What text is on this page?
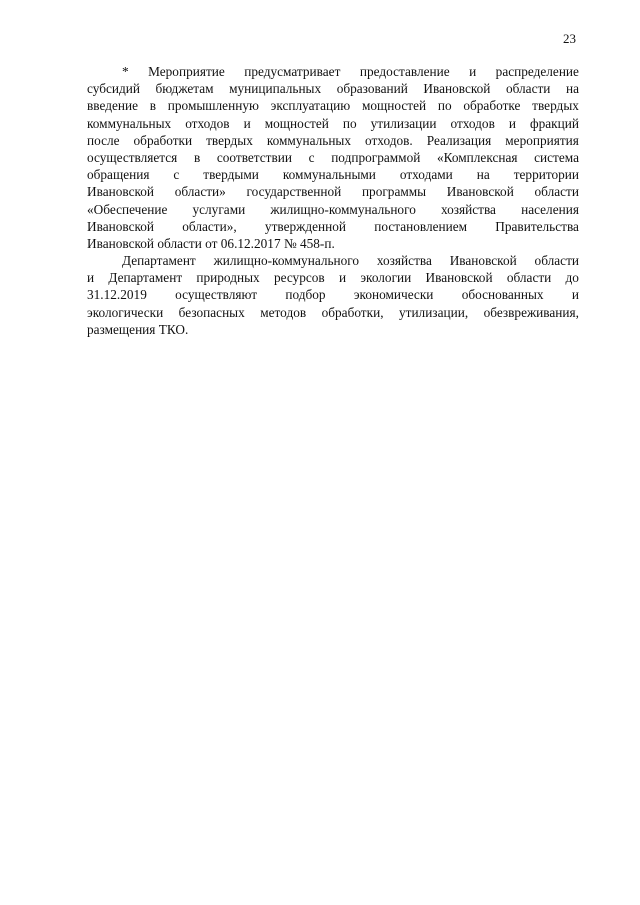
23
* Мероприятие предусматривает предоставление и распределение
субсидий бюджетам муниципальных образований Ивановской области на
введение в промышленную эксплуатацию мощностей по обработке твердых
коммунальных отходов и мощностей по утилизации отходов и фракций
после обработки твердых коммунальных отходов. Реализация мероприятия
осуществляется в соответствии с подпрограммой «Комплексная система
обращения с твердыми коммунальными отходами на территории
Ивановской области» государственной программы Ивановской области
«Обеспечение услугами жилищно-коммунального хозяйства населения
Ивановской области», утвержденной постановлением Правительства
Ивановской
области
от
06.12.2017
№
458-п.
Департамент жилищно-коммунального хозяйства Ивановской области
и Департамент природных ресурсов и экологии Ивановской области до
31.12.2019 осуществляют подбор экономически обоснованных и
экологически безопасных методов обработки, утилизации, обезвреживания,
размещения
ТКО.
